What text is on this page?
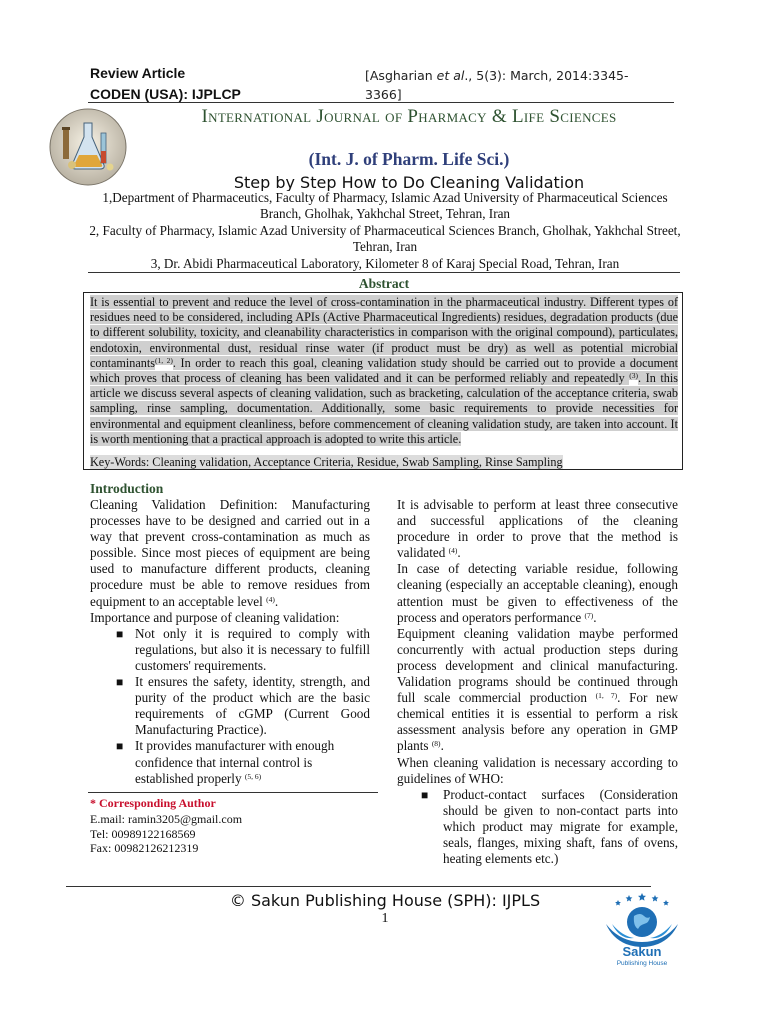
Review Article
CODEN (USA): IJPLCP
[Asgharian et al., 5(3): March, 2014:3345-3366]
International Journal of Pharmacy & Life Sciences
(Int. J. of Pharm. Life Sci.)
Step by Step How to Do Cleaning Validation
1,Department of Pharmaceutics, Faculty of Pharmacy, Islamic Azad University of Pharmaceutical Sciences Branch, Gholhak, Yakhchal Street, Tehran, Iran
2, Faculty of Pharmacy, Islamic Azad University of Pharmaceutical Sciences Branch, Gholhak, Yakhchal Street, Tehran, Iran
3, Dr. Abidi Pharmaceutical Laboratory, Kilometer 8 of Karaj Special Road, Tehran, Iran
Abstract
It is essential to prevent and reduce the level of cross-contamination in the pharmaceutical industry. Different types of residues need to be considered, including APIs (Active Pharmaceutical Ingredients) residues, degradation products (due to different solubility, toxicity, and cleanability characteristics in comparison with the original compound), particulates, endotoxin, environmental dust, residual rinse water (if product must be dry) as well as potential microbial contaminants$^{(1, 2)}$. In order to reach this goal, cleaning validation study should be carried out to provide a document which proves that process of cleaning has been validated and it can be performed reliably and repeatedly $^{(3)}$. In this article we discuss several aspects of cleaning validation, such as bracketing, calculation of the acceptance criteria, swab sampling, rinse sampling, documentation. Additionally, some basic requirements to provide necessities for environmental and equipment cleanliness, before commencement of cleaning validation study, are taken into account. It is worth mentioning that a practical approach is adopted to write this article.
Key-Words: Cleaning validation, Acceptance Criteria, Residue, Swab Sampling, Rinse Sampling
Introduction

Cleaning Validation Definition: Manufacturing processes have to be designed and carried out in a way that prevent cross-contamination as much as possible. Since most pieces of equipment are being used to manufacture different products, cleaning procedure must be able to remove residues from equipment to an acceptable level $^{(4)}$.

Importance and purpose of cleaning validation:

■ Not only it is required to comply with regulations, but also it is necessary to fulfill customers' requirements.
■ It ensures the safety, identity, strength, and purity of the product which are the basic requirements of cGMP (Current Good Manufacturing Practice).
■ It provides manufacturer with enough confidence that internal control is established properly $^{(5, 6)}$
* Corresponding Author
E.mail: ramin3205@gmail.com
Tel: 00989122168569
Fax: 00982126212319

It is advisable to perform at least three consecutive and successful applications of the cleaning procedure in order to prove that the method is validated $^{(4)}$.

In case of detecting variable residue, following cleaning (especially an acceptable cleaning), enough attention must be given to effectiveness of the process and operators performance $^{(7)}$.

Equipment cleaning validation maybe performed concurrently with actual production steps during process development and clinical manufacturing. Validation programs should be continued through full scale commercial production $^{(1, 7)}$. For new chemical entities it is essential to perform a risk assessment analysis before any operation in GMP plants $^{(8)}$.

When cleaning validation is necessary according to guidelines of WHO:

■ Product-contact surfaces (Consideration should be given to non-contact parts into which product may migrate for example, seals, flanges, mixing shaft, fans of ovens, heating elements etc.)
© Sakun Publishing House (SPH): IJPLS
1
Sakun
Publishing House
